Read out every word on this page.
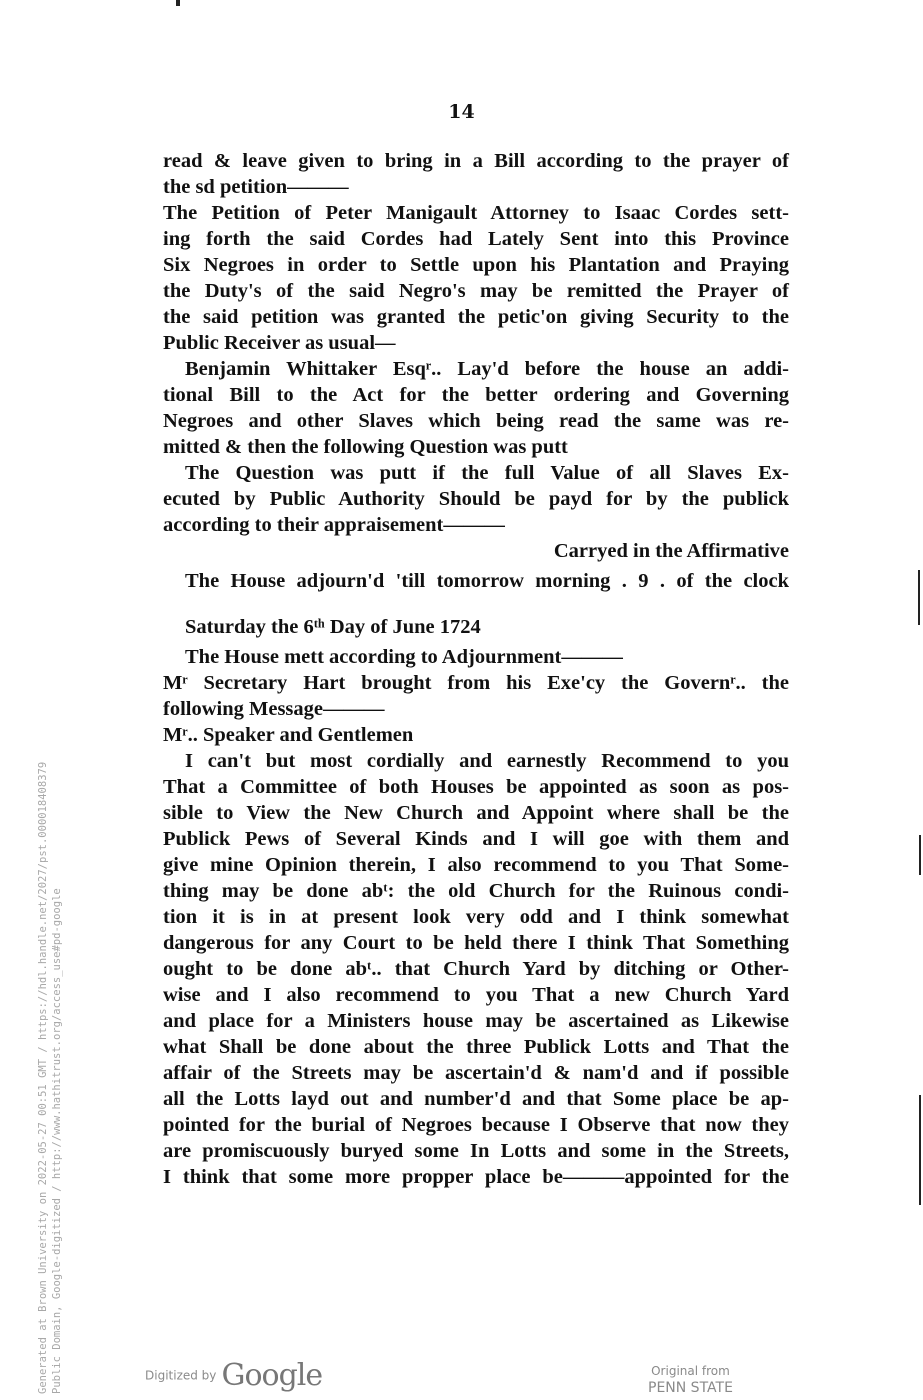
14
read & leave given to bring in a Bill according to the prayer of
the sd petition———
The Petition of Peter Manigault Attorney to Isaac Cordes sett-
ing forth the said Cordes had Lately Sent into this Province
Six Negroes in order to Settle upon his Plantation and Praying
the Duty's of the said Negro's may be remitted the Prayer of
the said petition was granted the petic'on giving Security to the
Public Receiver as usual—
Benjamin Whittaker Esqʳ.. Lay'd before the house an addi-
tional Bill to the Act for the better ordering and Governing
Negroes and other Slaves which being read the same was re-
mitted & then the following Question was putt
The Question was putt if the full Value of all Slaves Ex-
ecuted by Public Authority Should be payd for by the publick
according to their appraisement———
Carryed in the Affirmative
The House adjourn'd 'till tomorrow morning . 9 . of the clock
Saturday the 6ᵗʰ Day of June 1724
The House mett according to Adjournment———
Mʳ Secretary Hart brought from his Exe'cy the Governʳ.. the
following Message———
Mʳ.. Speaker and Gentlemen
I can't but most cordially and earnestly Recommend to you
That a Committee of both Houses be appointed as soon as pos-
sible to View the New Church and Appoint where shall be the
Publick Pews of Several Kinds and I will goe with them and
give mine Opinion therein, I also recommend to you That Some-
thing may be done abᵗ: the old Church for the Ruinous condi-
tion it is in at present look very odd and I think somewhat
dangerous for any Court to be held there I think That Something
ought to be done abᵗ.. that Church Yard by ditching or Other-
wise and I also recommend to you That a new Church Yard
and place for a Ministers house may be ascertained as Likewise
what Shall be done about the three Publick Lotts and That the
affair of the Streets may be ascertain'd & nam'd and if possible
all the Lotts layd out and number'd and that Some place be ap-
pointed for the burial of Negroes because I Observe that now they
are promiscuously buryed some In Lotts and some in the Streets,
I think that some more propper place be———appointed for the
Generated at Brown University on 2022-05-27 00:51 GMT / https://hdl.handle.net/2027/pst.000018408379 Public Domain, Google-digitized / http://www.hathitrust.org/access_use#pd-google	Digitized by Google	Original from
PENN STATE
